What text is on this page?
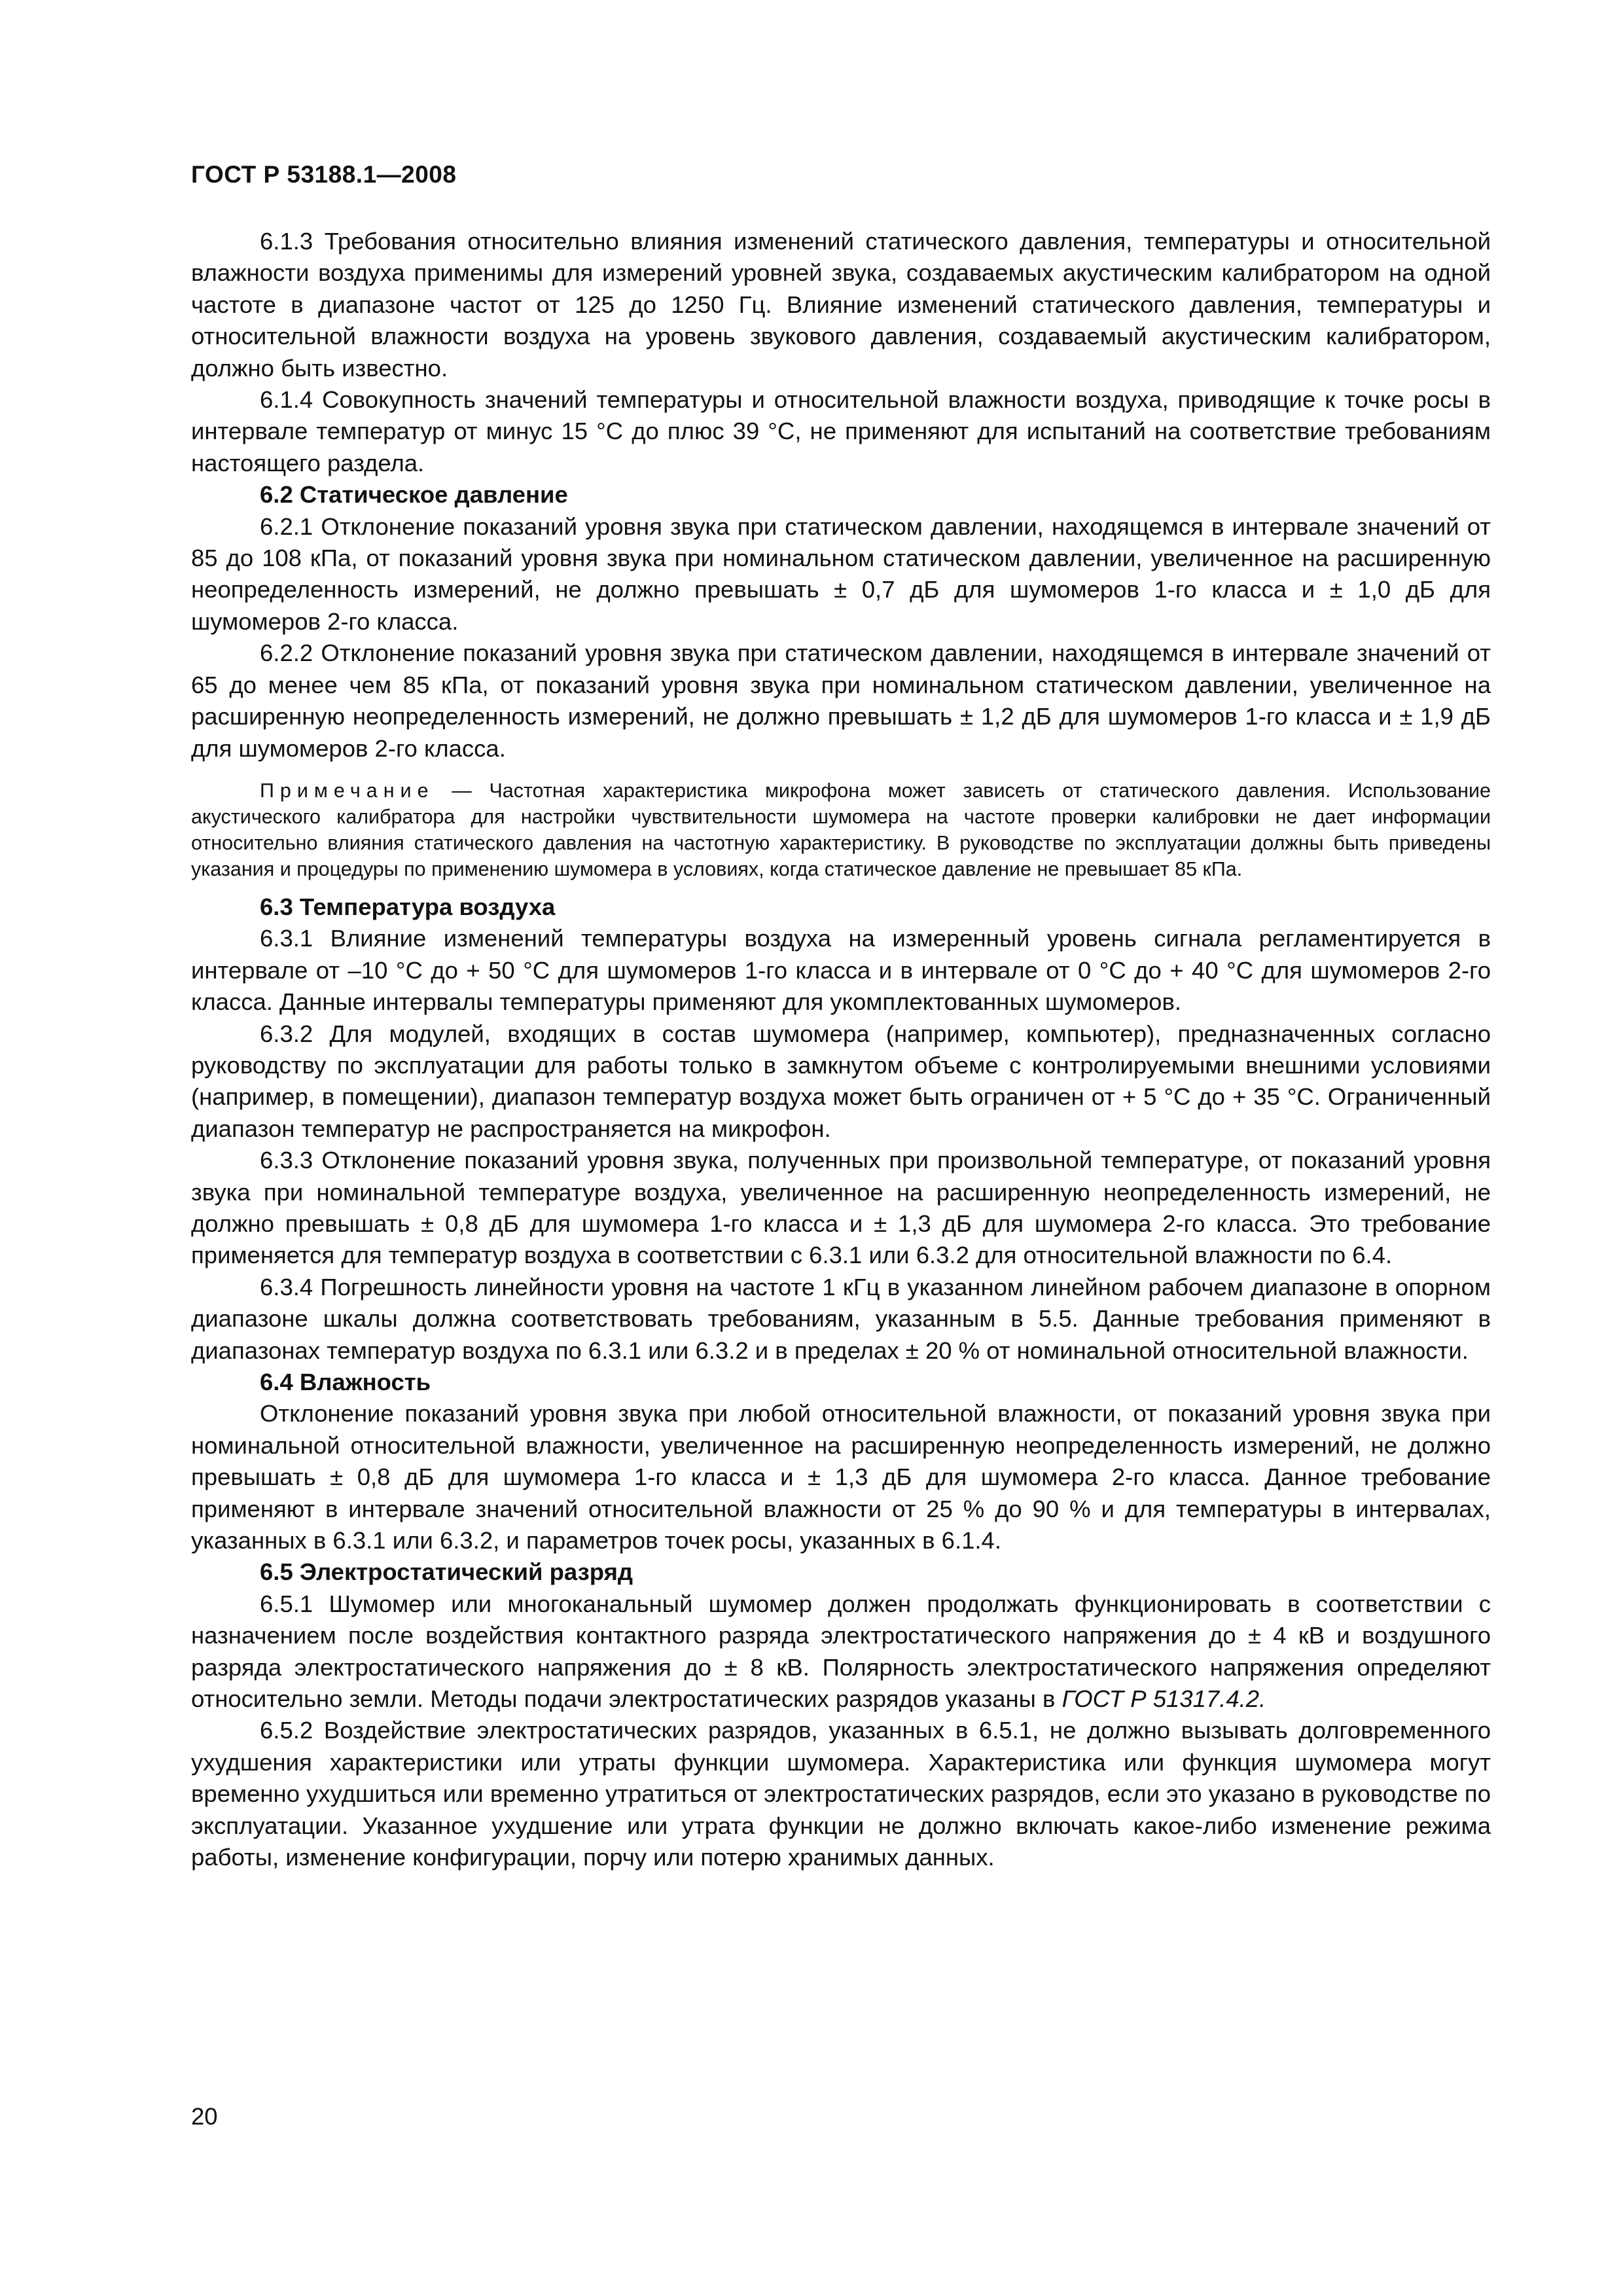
ГОСТ Р 53188.1—2008

6.1.3 Требования относительно влияния изменений статического давления, температуры и относительной влажности воздуха применимы для измерений уровней звука, создаваемых акустическим калибратором на одной частоте в диапазоне частот от 125 до 1250 Гц. Влияние изменений статического давления, температуры и относительной влажности воздуха на уровень звукового давления, создаваемый акустическим калибратором, должно быть известно.

6.1.4 Совокупность значений температуры и относительной влажности воздуха, приводящие к точке росы в интервале температур от минус 15 °С до плюс 39 °С, не применяют для испытаний на соответствие требованиям настоящего раздела.

6.2 Статическое давление

6.2.1 Отклонение показаний уровня звука при статическом давлении, находящемся в интервале значений от 85 до 108 кПа, от показаний уровня звука при номинальном статическом давлении, увеличенное на расширенную неопределенность измерений, не должно превышать ± 0,7 дБ для шумомеров 1-го класса и ± 1,0 дБ для шумомеров 2-го класса.

6.2.2 Отклонение показаний уровня звука при статическом давлении, находящемся в интервале значений от 65 до менее чем 85 кПа, от показаний уровня звука при номинальном статическом давлении, увеличенное на расширенную неопределенность измерений, не должно превышать ± 1,2 дБ для шумомеров 1-го класса и ± 1,9 дБ для шумомеров 2-го класса.

Примечание — Частотная характеристика микрофона может зависеть от статического давления. Использование акустического калибратора для настройки чувствительности шумомера на частоте проверки калибровки не дает информации относительно влияния статического давления на частотную характеристику. В руководстве по эксплуатации должны быть приведены указания и процедуры по применению шумомера в условиях, когда статическое давление не превышает 85 кПа.
6.3 Температура воздуха

6.3.1 Влияние изменений температуры воздуха на измеренный уровень сигнала регламентируется в интервале от –10 °С до + 50 °С для шумомеров 1-го класса и в интервале от 0 °С до + 40 °С для шумомеров 2-го класса. Данные интервалы температуры применяют для укомплектованных шумомеров.

6.3.2 Для модулей, входящих в состав шумомера (например, компьютер), предназначенных согласно руководству по эксплуатации для работы только в замкнутом объеме с контролируемыми внешними условиями (например, в помещении), диапазон температур воздуха может быть ограничен от + 5 °С до + 35 °С. Ограниченный диапазон температур не распространяется на микрофон.

6.3.3 Отклонение показаний уровня звука, полученных при произвольной температуре, от показаний уровня звука при номинальной температуре воздуха, увеличенное на расширенную неопределенность измерений, не должно превышать ± 0,8 дБ для шумомера 1-го класса и ± 1,3 дБ для шумомера 2-го класса. Это требование применяется для температур воздуха в соответствии с 6.3.1 или 6.3.2 для относительной влажности по 6.4.

6.3.4 Погрешность линейности уровня на частоте 1 кГц в указанном линейном рабочем диапазоне в опорном диапазоне шкалы должна соответствовать требованиям, указанным в 5.5. Данные требования применяют в диапазонах температур воздуха по 6.3.1 или 6.3.2 и в пределах ± 20 % от номинальной относительной влажности.

6.4 Влажность

Отклонение показаний уровня звука при любой относительной влажности, от показаний уровня звука при номинальной относительной влажности, увеличенное на расширенную неопределенность измерений, не должно превышать ± 0,8 дБ для шумомера 1-го класса и ± 1,3 дБ для шумомера 2-го класса. Данное требование применяют в интервале значений относительной влажности от 25 % до 90 % и для температуры в интервалах, указанных в 6.3.1 или 6.3.2, и параметров точек росы, указанных в 6.1.4.

6.5 Электростатический разряд

6.5.1 Шумомер или многоканальный шумомер должен продолжать функционировать в соответствии с назначением после воздействия контактного разряда электростатического напряжения до ± 4 кВ и воздушного разряда электростатического напряжения до ± 8 кВ. Полярность электростатического напряжения определяют относительно земли. Методы подачи электростатических разрядов указаны в ГОСТ Р 51317.4.2.

6.5.2 Воздействие электростатических разрядов, указанных в 6.5.1, не должно вызывать долговременного ухудшения характеристики или утраты функции шумомера. Характеристика или функция шумомера могут временно ухудшиться или временно утратиться от электростатических разрядов, если это указано в руководстве по эксплуатации. Указанное ухудшение или утрата функции не должно включать какое-либо изменение режима работы, изменение конфигурации, порчу или потерю хранимых данных.

20
